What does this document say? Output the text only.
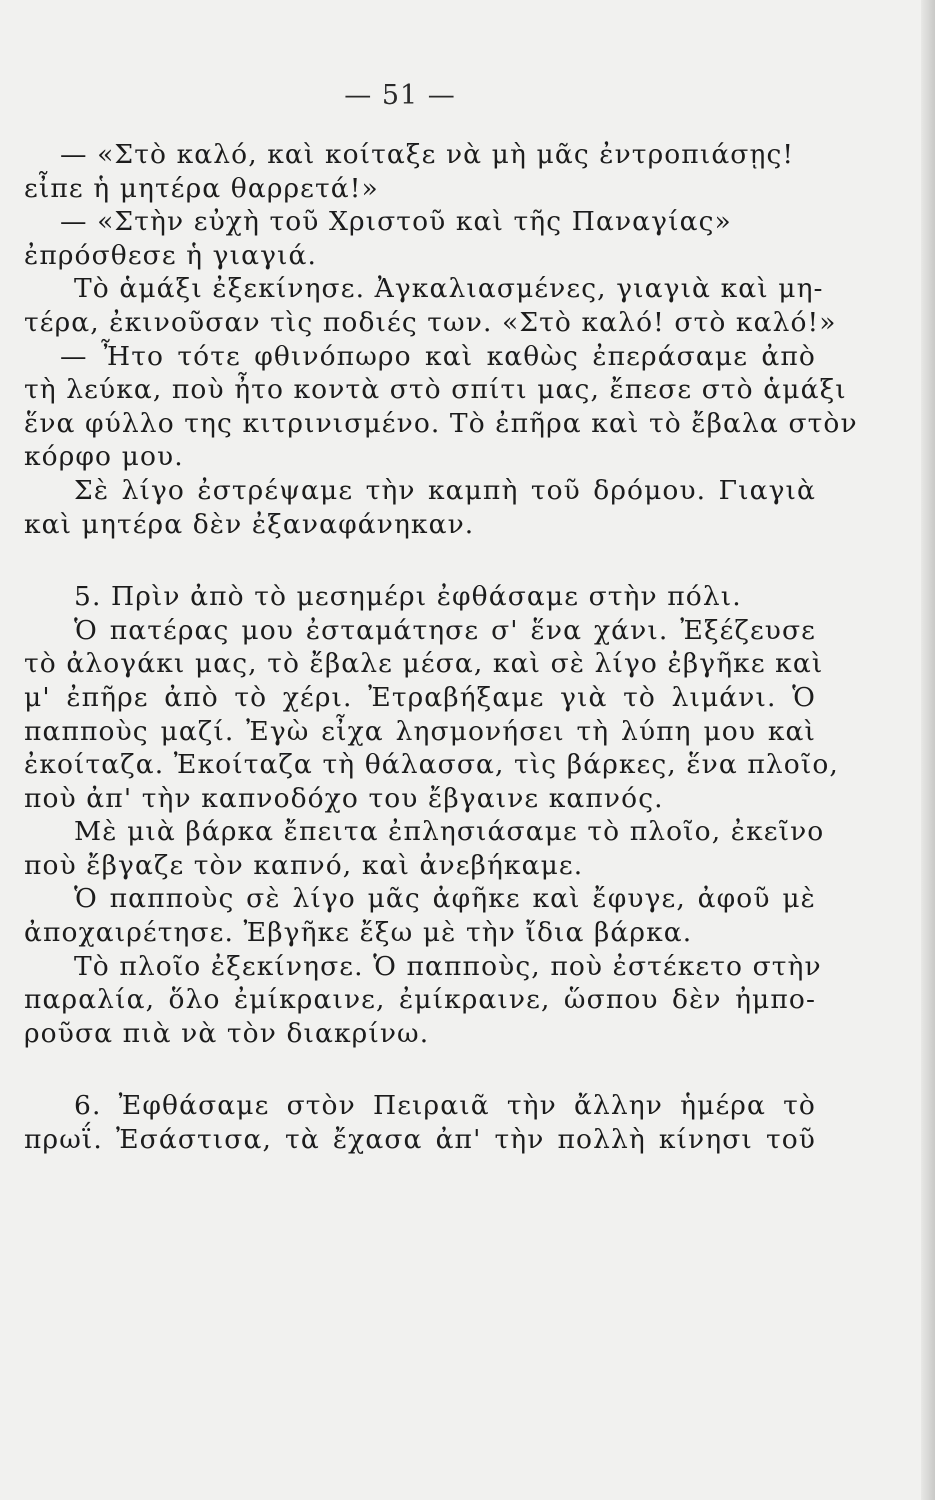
— 51 —
— «Στὸ καλό, καὶ κοίταξε νὰ μὴ μᾶς ἐντροπιάσῃς!
εἶπε ἡ μητέρα θαρρετά!»
— «Στὴν εὐχὴ τοῦ Χριστοῦ καὶ τῆς Παναγίας»
ἐπρόσθεσε ἡ γιαγιά.
Τὸ ἁμάξι ἐξεκίνησε. Ἀγκαλιασμένες, γιαγιὰ καὶ μη-
τέρα, ἐκινοῦσαν τὶς ποδιές των. «Στὸ καλό! στὸ καλό!»
— Ἦτο τότε φθινόπωρο καὶ καθὼς ἐπεράσαμε ἀπὸ
τὴ λεύκα, ποὺ ἦτο κοντὰ στὸ σπίτι μας, ἔπεσε στὸ ἁμάξι
ἕνα φύλλο της κιτρινισμένο. Τὸ ἐπῆρα καὶ τὸ ἔβαλα στὸν
κόρφο μου.
Σὲ λίγο ἐστρέψαμε τὴν καμπὴ τοῦ δρόμου. Γιαγιὰ
καὶ μητέρα δὲν ἐξαναφάνηκαν.
5. Πρὶν ἀπὸ τὸ μεσημέρι ἐφθάσαμε στὴν πόλι.
Ὁ πατέρας μου ἐσταμάτησε σ' ἕνα χάνι. Ἐξέζευσε
τὸ ἀλογάκι μας, τὸ ἔβαλε μέσα, καὶ σὲ λίγο ἐβγῆκε καὶ
μ' ἐπῆρε ἀπὸ τὸ χέρι. Ἐτραβήξαμε γιὰ τὸ λιμάνι. Ὁ
παπποὺς μαζί. Ἐγὼ εἶχα λησμονήσει τὴ λύπη μου καὶ
ἐκοίταζα. Ἐκοίταζα τὴ θάλασσα, τὶς βάρκες, ἕνα πλοῖο,
ποὺ ἀπ' τὴν καπνοδόχο του ἔβγαινε καπνός.
Μὲ μιὰ βάρκα ἔπειτα ἐπλησιάσαμε τὸ πλοῖο, ἐκεῖνο
ποὺ ἔβγαζε τὸν καπνό, καὶ ἀνεβήκαμε.
Ὁ παπποὺς σὲ λίγο μᾶς ἀφῆκε καὶ ἔφυγε, ἀφοῦ μὲ
ἀποχαιρέτησε. Ἐβγῆκε ἔξω μὲ τὴν ἴδια βάρκα.
Τὸ πλοῖο ἐξεκίνησε. Ὁ παπποὺς, ποὺ ἐστέκετο στὴν
παραλία, ὅλο ἐμίκραινε, ἐμίκραινε, ὥσπου δὲν ἠμπο-
ροῦσα πιὰ νὰ τὸν διακρίνω.
6. Ἐφθάσαμε στὸν Πειραιᾶ τὴν ἄλλην ἡμέρα τὸ
πρωΐ. Ἐσάστισα, τὰ ἔχασα ἀπ' τὴν πολλὴ κίνησι τοῦ
